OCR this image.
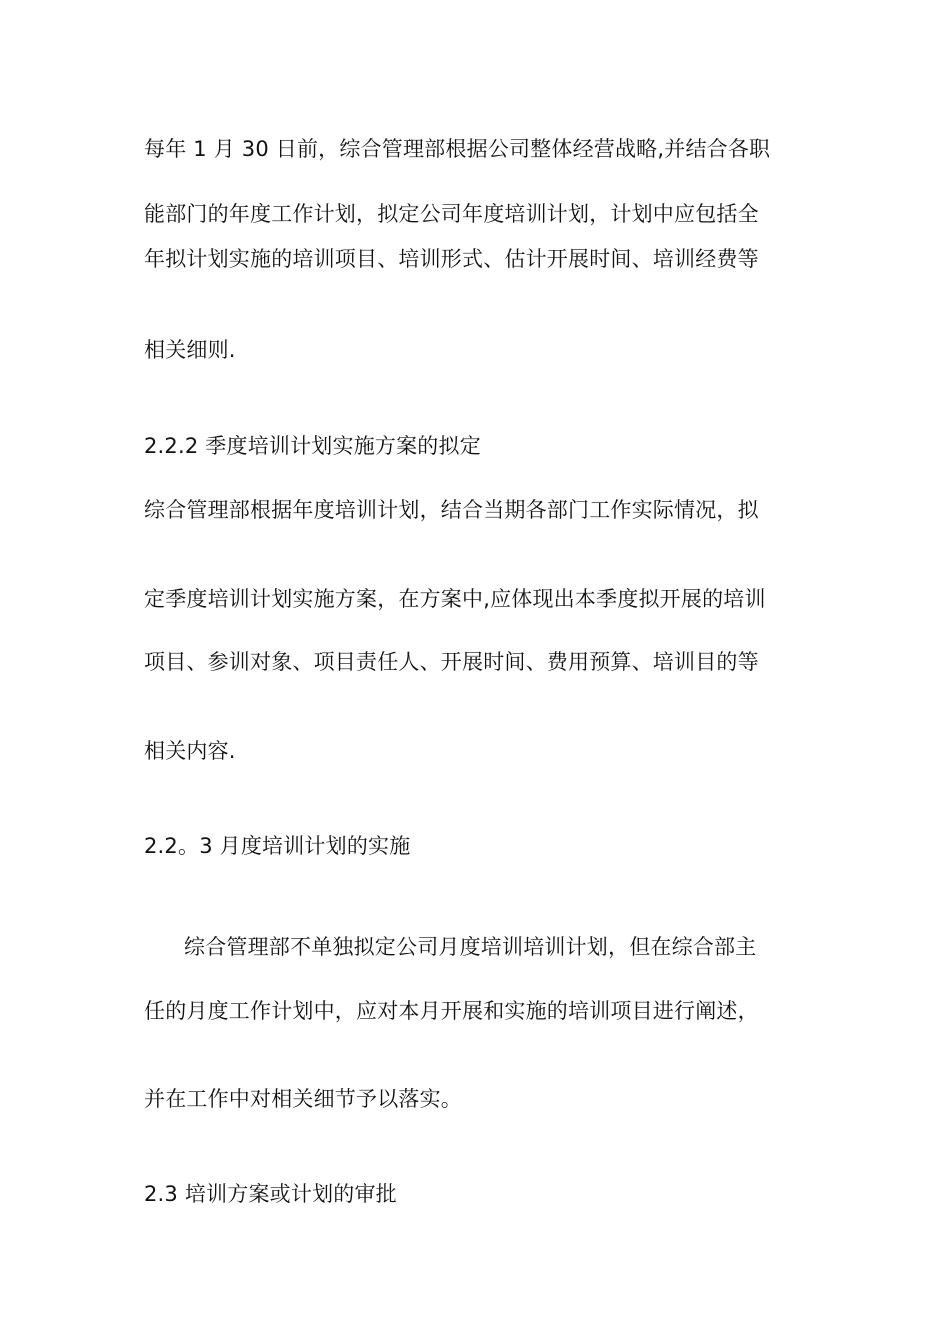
每年 1 月 30 日前，综合管理部根据公司整体经营战略,并结合各职

能部门的年度工作计划，拟定公司年度培训计划，计划中应包括全

年拟计划实施的培训项目、培训形式、估计开展时间、培训经费等

相关细则.

2.2.2 季度培训计划实施方案的拟定

综合管理部根据年度培训计划，结合当期各部门工作实际情况，拟

定季度培训计划实施方案，在方案中,应体现出本季度拟开展的培训

项目、参训对象、项目责任人、开展时间、费用预算、培训目的等

相关内容.

2.2。3 月度培训计划的实施

综合管理部不单独拟定公司月度培训培训计划，但在综合部主

任的月度工作计划中，应对本月开展和实施的培训项目进行阐述，

并在工作中对相关细节予以落实。

2.3 培训方案或计划的审批
